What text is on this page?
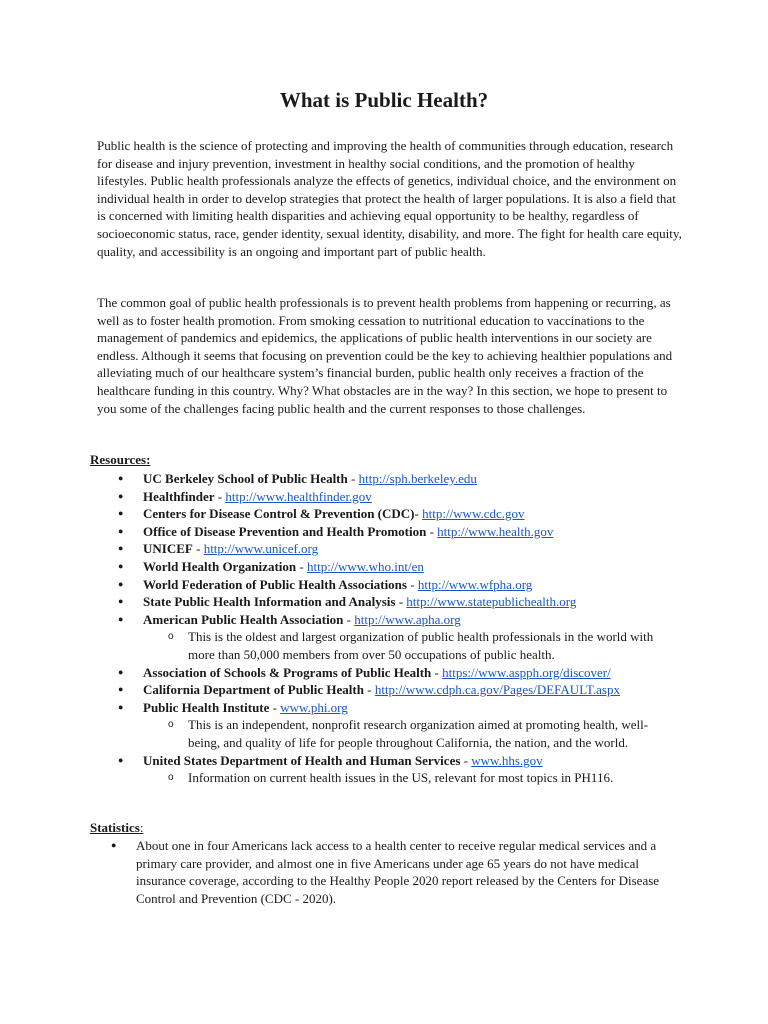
What is Public Health?

Public health is the science of protecting and improving the health of communities through education, research for disease and injury prevention, investment in healthy social conditions, and the promotion of healthy lifestyles. Public health professionals analyze the effects of genetics, individual choice, and the environment on individual health in order to develop strategies that protect the health of larger populations. It is also a field that is concerned with limiting health disparities and achieving equal opportunity to be healthy, regardless of socioeconomic status, race, gender identity, sexual identity, disability, and more. The fight for health care equity, quality, and accessibility is an ongoing and important part of public health.

The common goal of public health professionals is to prevent health problems from happening or recurring, as well as to foster health promotion. From smoking cessation to nutritional education to vaccinations to the management of pandemics and epidemics, the applications of public health interventions in our society are endless. Although it seems that focusing on prevention could be the key to achieving healthier populations and alleviating much of our healthcare system’s financial burden, public health only receives a fraction of the healthcare funding in this country. Why? What obstacles are in the way? In this section, we hope to present to you some of the challenges facing public health and the current responses to those challenges.

Resources:

● UC Berkeley School of Public Health - http://sph.berkeley.edu
● Healthfinder - http://www.healthfinder.gov
● Centers for Disease Control & Prevention (CDC)- http://www.cdc.gov
● Office of Disease Prevention and Health Promotion - http://www.health.gov
● UNICEF - http://www.unicef.org
● World Health Organization - http://www.who.int/en
● World Federation of Public Health Associations - http://www.wfpha.org
● State Public Health Information and Analysis - http://www.statepublichealth.org
● American Public Health Association - http://www.apha.org
o This is the oldest and largest organization of public health professionals in the world with more than 50,000 members from over 50 occupations of public health.
● Association of Schools & Programs of Public Health - https://www.aspph.org/discover/
● California Department of Public Health - http://www.cdph.ca.gov/Pages/DEFAULT.aspx
● Public Health Institute - www.phi.org
o This is an independent, nonprofit research organization aimed at promoting health, well-being, and quality of life for people throughout California, the nation, and the world.
● United States Department of Health and Human Services - www.hhs.gov
o Information on current health issues in the US, relevant for most topics in PH116.

Statistics:

● About one in four Americans lack access to a health center to receive regular medical services and a primary care provider, and almost one in five Americans under age 65 years do not have medical insurance coverage, according to the Healthy People 2020 report released by the Centers for Disease Control and Prevention (CDC - 2020).
